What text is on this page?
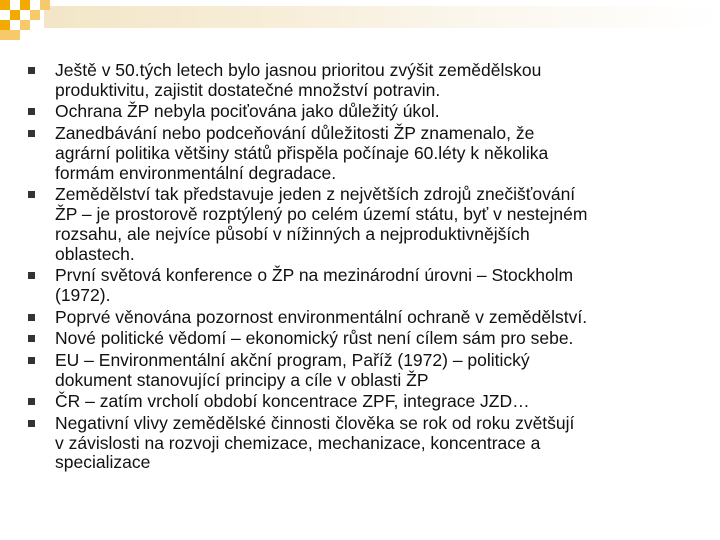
Ještě v 50.tých letech bylo jasnou prioritou zvýšit zemědělskou
produktivitu, zajistit dostatečné množství potravin.
Ochrana ŽP nebyla pociťována jako důležitý úkol.
Zanedbávání nebo podceňování důležitosti ŽP znamenalo, že
agrární politika většiny států přispěla počínaje 60.léty k několika
formám environmentální degradace.
Zemědělství tak představuje jeden z největších zdrojů znečišťování
ŽP – je prostorově rozptýlený po celém území státu, byť v nestejném
rozsahu, ale nejvíce působí v nížinných a nejproduktivnějších
oblastech.
První světová konference o ŽP na mezinárodní úrovni – Stockholm
(1972).
Poprvé věnována pozornost environmentální ochraně v zemědělství.
Nové politické vědomí – ekonomický růst není cílem sám pro sebe.
EU – Environmentální akční program, Paříž (1972) – politický
dokument stanovující principy a cíle v oblasti ŽP
ČR – zatím vrcholí období koncentrace ZPF, integrace JZD…
Negativní vlivy zemědělské činnosti člověka se rok od roku zvětšují
v závislosti na rozvoji chemizace, mechanizace, koncentrace a
specializace
